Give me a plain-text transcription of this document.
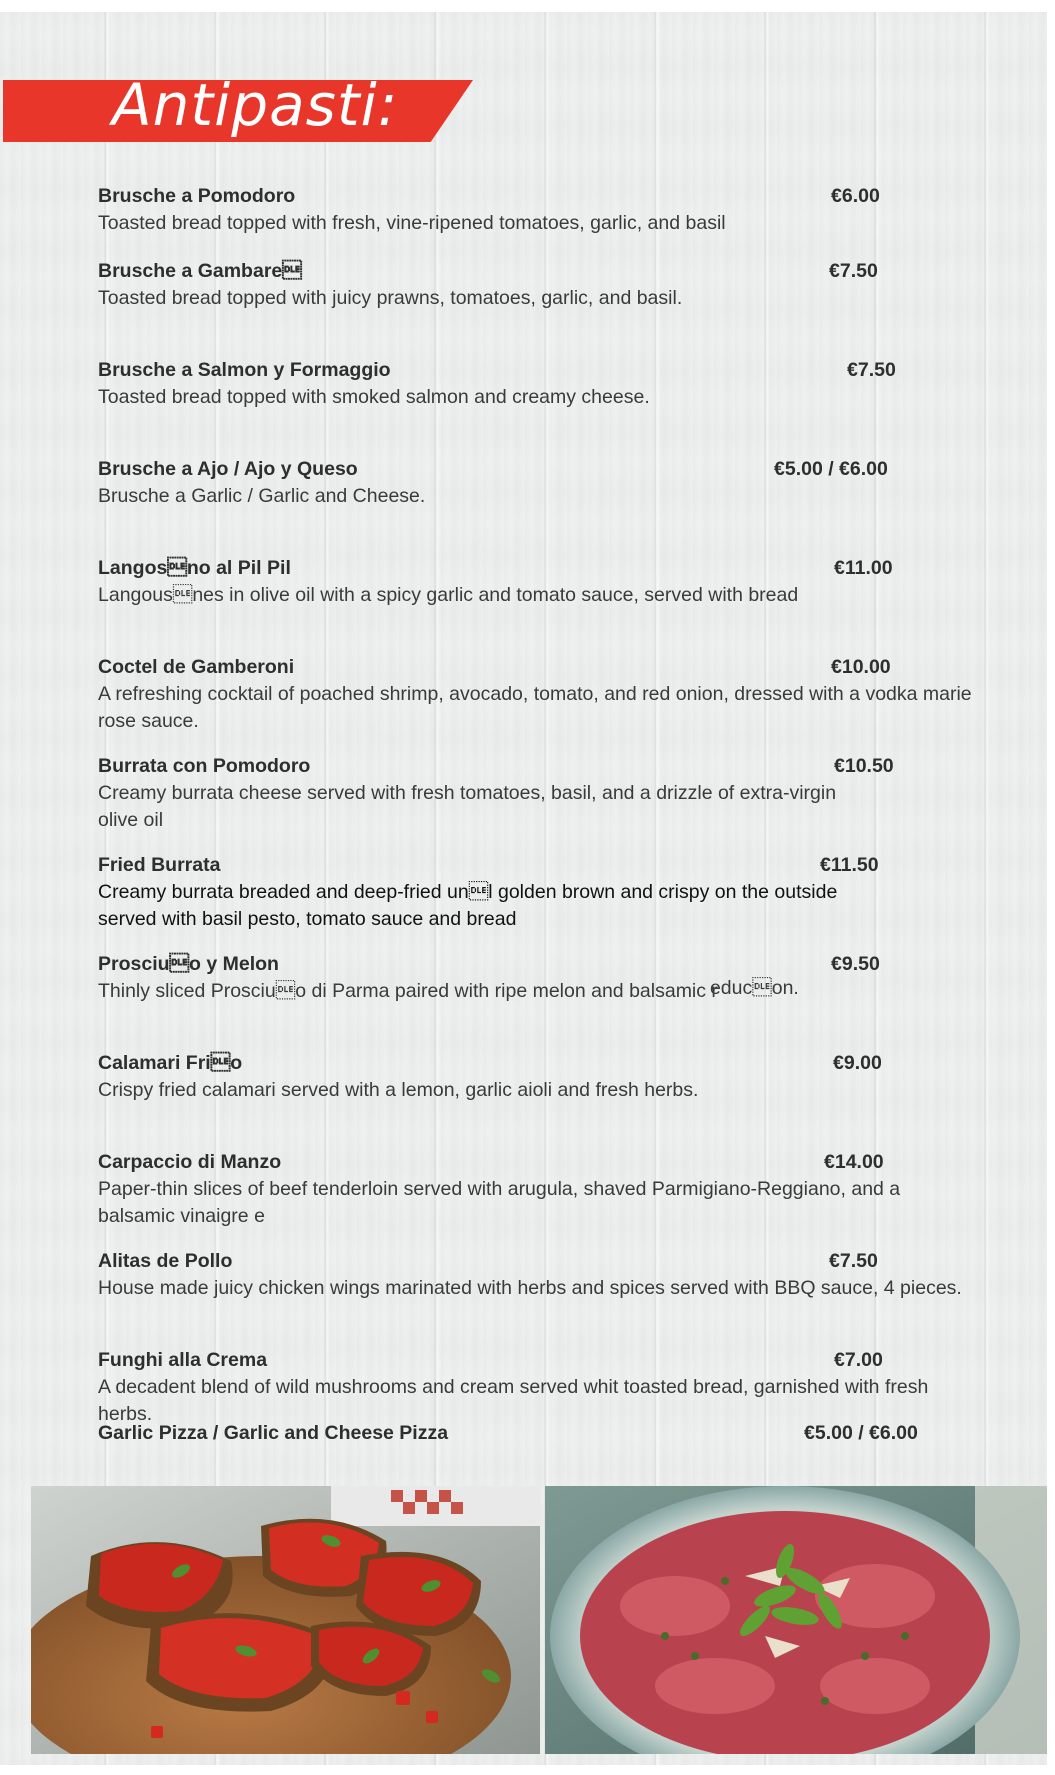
Antipasti:
Brusche a Pomodoro	€6.00
Toasted bread topped with fresh, vine-ripened tomatoes, garlic, and basil
Brusche a Gambare	€7.50
Toasted bread topped with juicy prawns, tomatoes, garlic, and basil.
Brusche a Salmon y Formaggio	€7.50
Toasted bread topped with smoked salmon and creamy cheese.
Brusche a Ajo / Ajo y Queso	€5.00 / €6.00
Brusche a Garlic / Garlic and Cheese.
Langosno al Pil Pil	€11.00
Langousnes in olive oil with a spicy garlic and tomato sauce, served with bread
Coctel de Gamberoni	€10.00
A refreshing cocktail of poached shrimp, avocado, tomato, and red onion, dressed with a vodka marie rose sauce.
Burrata con Pomodoro	€10.50
Creamy burrata cheese served with fresh tomatoes, basil, and a drizzle of extra-virgin olive oil
Fried Burrata	€11.50
Creamy burrata breaded and deep-fried unl golden brown and crispy on the outside served with basil pesto, tomato sauce and bread
Prosciuo y Melon	€9.50
Thinly sliced Prosciuo di Parma paired with ripe melon and balsamic reducon.
Calamari Frio	€9.00
Crispy fried calamari served with a lemon, garlic aioli and fresh herbs.
Carpaccio di Manzo	€14.00
Paper-thin slices of beef tenderloin served with arugula, shaved Parmigiano-Reggiano, and a balsamic vinaigre e
Alitas de Pollo	€7.50
House made juicy chicken wings marinated with herbs and spices served with BBQ sauce, 4 pieces.
Funghi alla Crema	€7.00
A decadent blend of wild mushrooms and cream served whit toasted bread, garnished with fresh herbs.
Garlic Pizza / Garlic and Cheese Pizza	€5.00 / €6.00
